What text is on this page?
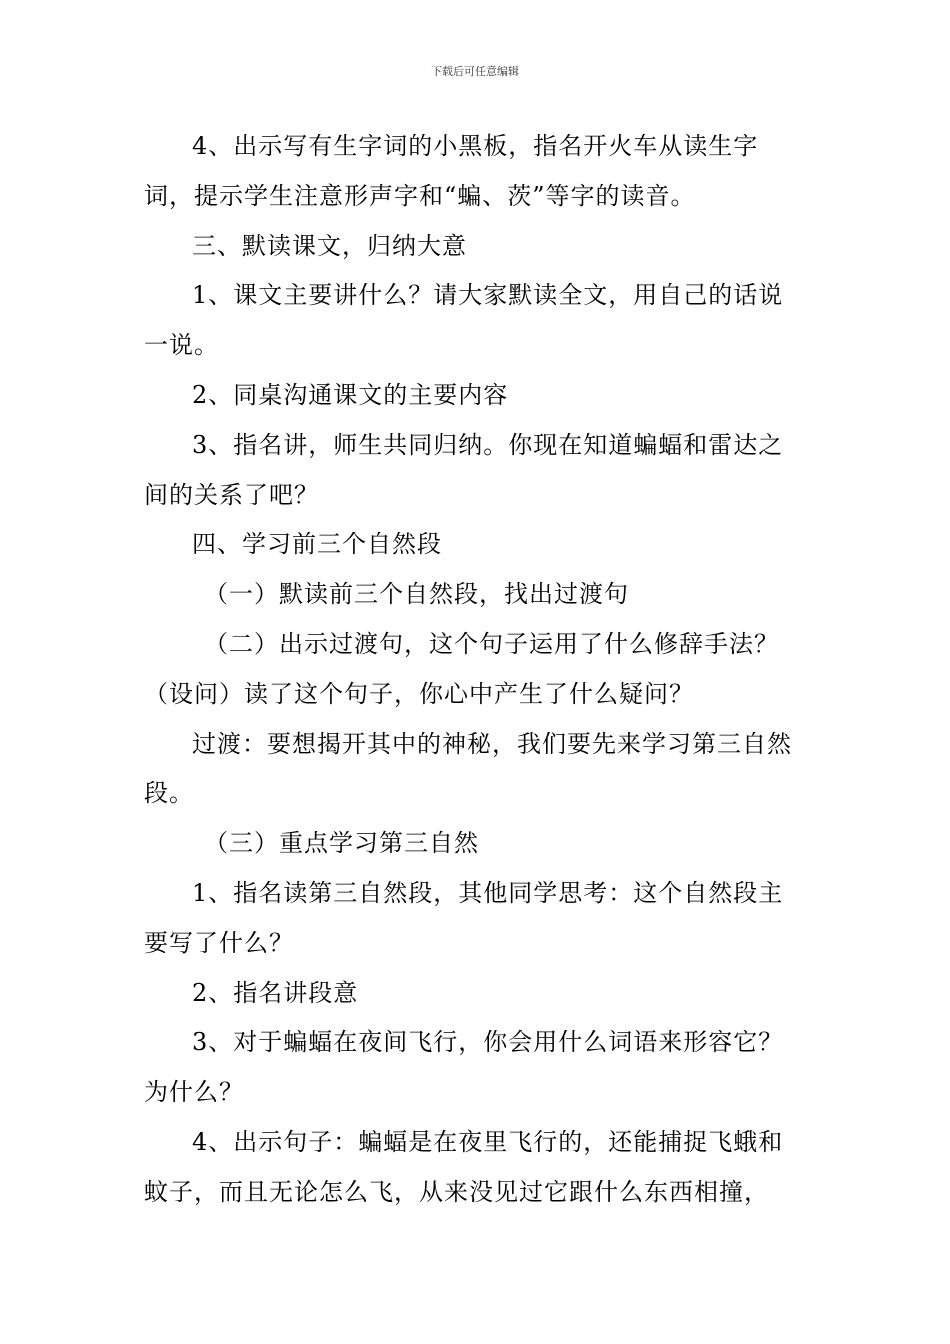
下载后可任意编辑

4、出示写有生字词的小黑板，指名开火车从读生字词，提示学生注意形声字和“蝙、茨”等字的读音。

三、默读课文，归纳大意

1、课文主要讲什么？请大家默读全文，用自己的话说一说。

2、同桌沟通课文的主要内容

3、指名讲，师生共同归纳。你现在知道蝙蝠和雷达之间的关系了吧？

四、学习前三个自然段

（一）默读前三个自然段，找出过渡句

（二）出示过渡句，这个句子运用了什么修辞手法？（设问）读了这个句子，你心中产生了什么疑问？

过渡：要想揭开其中的神秘，我们要先来学习第三自然段。

（三）重点学习第三自然

1、指名读第三自然段，其他同学思考：这个自然段主要写了什么？

2、指名讲段意

3、对于蝙蝠在夜间飞行，你会用什么词语来形容它？为什么？

4、出示句子：蝙蝠是在夜里飞行的，还能捕捉飞蛾和蚊子，而且无论怎么飞，从来没见过它跟什么东西相撞，
